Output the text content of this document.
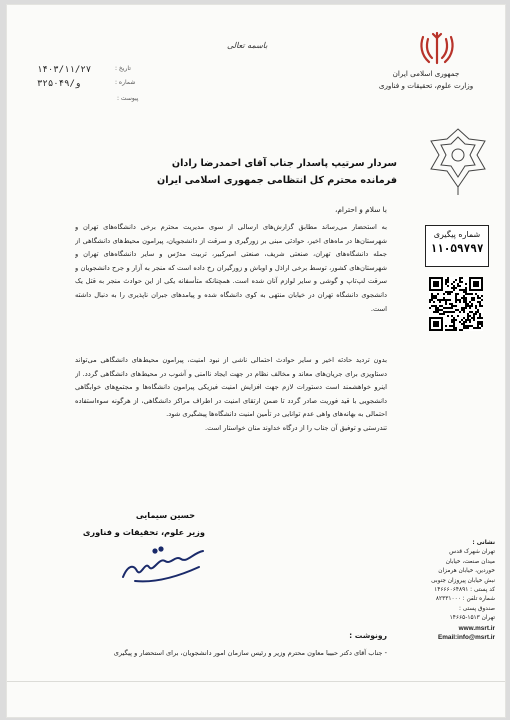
جمهوری اسلامی ایران
وزارت علوم، تحقیقات و فناوری
باسمه تعالی
۱۴۰۳/۱۱/۲۷	تاریخ :
۳۲۵۰۴۹/و	شماره :
پیوست :
سردار سرتیپ پاسدار جناب آقای احمدرضا رادان
فرمانده محترم کل انتظامی جمهوری اسلامی ایران
شماره پیگیری
۱۱۰۵۹۷۹۷
با سلام و احترام،
به استحضار می‌رساند مطابق گزارش‌های ارسالی از سوی مدیریت محترم برخی دانشگاه‌های تهران و شهرستان‌ها در ماه‌های اخیر، حوادثی مبنی بر زورگیری و سرقت از دانشجویان، پیرامون محیط‌های دانشگاهی از جمله دانشگاه‌های تهران، صنعتی شریف، صنعتی امیرکبیر، تربیت مدرّس و سایر دانشگاه‌های تهران و شهرستان‌های کشور، توسط برخی اراذل و اوباش و زورگیران رخ داده است که منجر به آزار و جرح دانشجویان و سرقت لپ‌تاپ و گوشی و سایر لوازم آنان شده است. همچنانکه متأسفانه یکی از این حوادث منجر به قتل یک دانشجوی دانشگاه تهران در خیابان منتهی به کوی دانشگاه شده و پیامدهای جبران ناپذیری را به دنبال داشته است.
بدون تردید حادثه اخیر و سایر حوادث احتمالی ناشی از نبود امنیت، پیرامون محیط‌های دانشگاهی می‌تواند دستاویزی برای جریان‌های معاند و مخالف نظام در جهت ایجاد ناامنی و آشوب در محیط‌های دانشگاهی گردد. از اینرو خواهشمند است دستورات لازم جهت افزایش امنیت فیزیکی پیرامون دانشگاه‌ها و مجتمع‌های خوابگاهی دانشجویی با قید فوریت صادر گردد تا ضمن ارتقای امنیت در اطراف مراکز دانشگاهی، از هرگونه سوءاستفاده احتمالی به بهانه‌های واهی عدم توانایی در تأمین امنیت دانشگاه‌ها پیشگیری شود.
تندرستی و توفیق آن جناب را از درگاه خداوند منان خواستار است.
حسین سیمایی
وزیر علوم، تحقیقات و فناوری
نشانی :
تهران شهرک قدس
میدان صنعت، خیابان
خوردین، خیابان هرمزان
نبش خیابان پیروزان جنوبی
کد پستی : ۱۴۶۶۶۰۶۴۸۹۱
شماره تلفن : ۸۲۳۳۱۰۰۰
صندوق پستی :
تهران ۱۵۱۳-۱۴۶۶۵
www.msrt.ir
Email:info@msrt.ir
رونوشت :
- جناب آقای دکتر حبیبا معاون محترم وزیر و رئیس سازمان امور دانشجویان، برای استحضار و پیگیری
